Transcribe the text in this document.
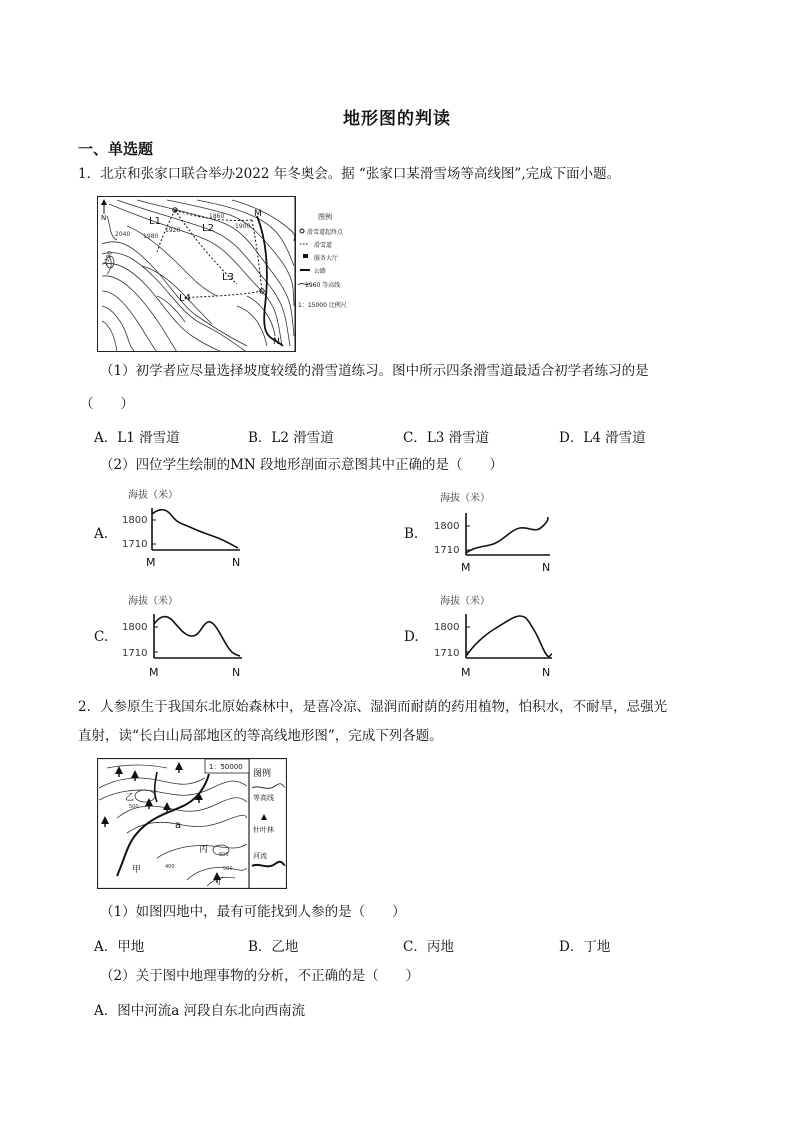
地形图的判读
一、单选题
1．北京和张家口联合举办2022 年冬奥会。据 “张家口某滑雪场等高线图”,完成下面小题。
N	L1
L2
L3
L4
M
N
1860
1900
2040 1980
1920
2100
图例
滑雪道起终点
滑雪道
服务大厅
公路
1960 等高线
1：15000 比例尺
（1）初学者应尽量选择坡度较缓的滑雪道练习。图中所示四条滑雪道最适合初学者练习的是
（　　）
A．L1 滑雪道	B．L2 滑雪道	C．L3 滑雪道	D．L4 滑雪道
（2）四位学生绘制的MN 段地形剖面示意图其中正确的是（　　）
A.
海拔（米）
1800
1710
M	N
B.
海拔（米）
1800
1710
M	N
C.
海拔（米）
1800
1710
M	N
D.
海拔（米）
1800
1710
M	N
2．人参原生于我国东北原始森林中，是喜冷凉、湿润而耐荫的药用植物，怕积水，不耐旱，忌强光
直射，读“长白山局部地区的等高线地形图”，完成下列各题。
1：50000
甲
乙
丙
丁
a
400
600
500
500
图例
等高线
针叶林
河流
（1）如图四地中，最有可能找到人参的是（　　）
A．甲地	B．乙地	C．丙地	D．丁地
（2）关于图中地理事物的分析，不正确的是（　　）
A．图中河流a 河段自东北向西南流
